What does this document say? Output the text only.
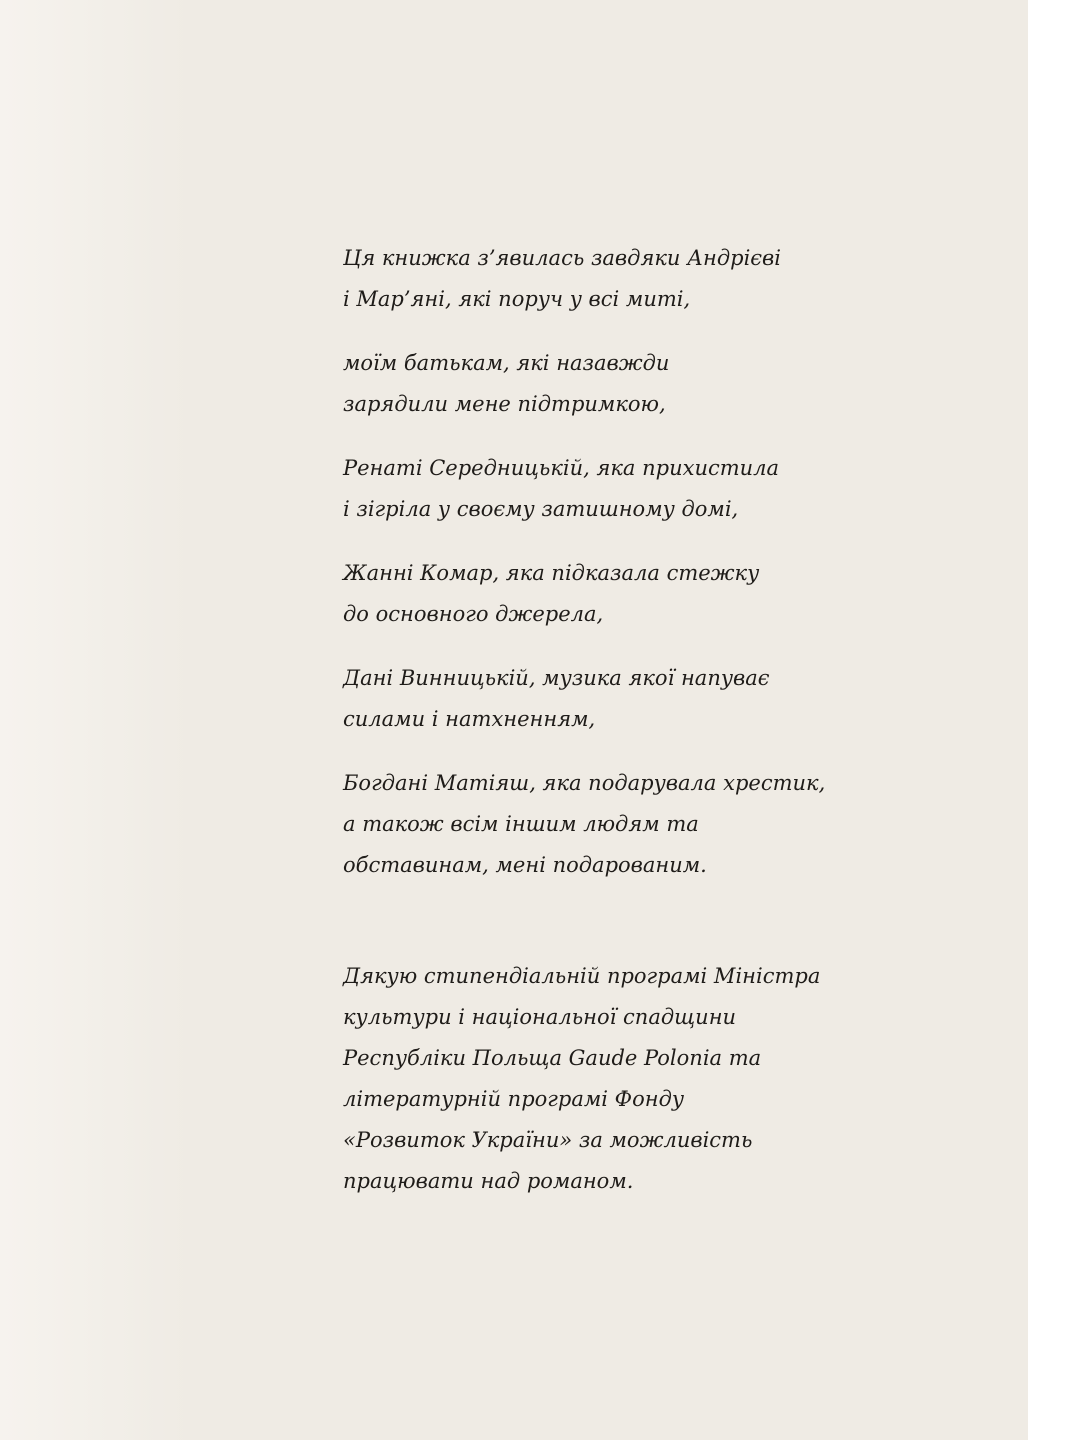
Ця книжка з’явилась завдяки Андрієві
і Мар’яні, які поруч у всі миті,

моїм батькам, які назавжди
зарядили мене підтримкою,

Ренаті Середницькій, яка прихистила
і зігріла у своєму затишному домі,

Жанні Комар, яка підказала стежку
до основного джерела,

Дані Винницькій, музика якої напуває
силами і натхненням,

Богдані Матіяш, яка подарувала хрестик,
а також всім іншим людям та
обставинам, мені подарованим.

Дякую стипендіальній програмі Міністра
культури і національної спадщини
Республіки Польща Gaude Polonia та
літературній програмі Фонду
«Розвиток України» за можливість
працювати над романом.
